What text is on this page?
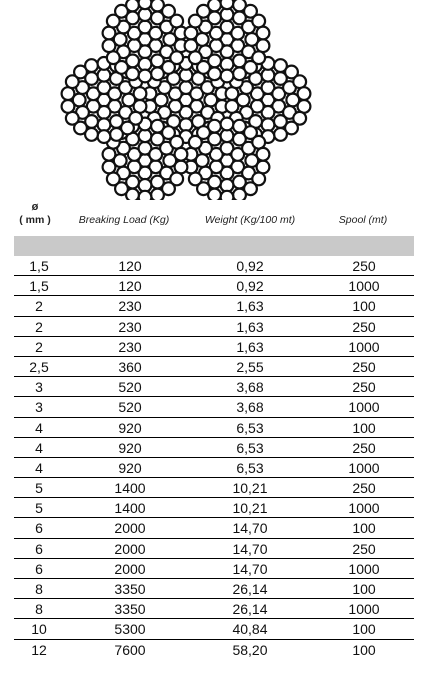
ø
( mm )	Breaking Load (Kg)	Weight (Kg/100 mt)	Spool (mt)
1,5	120	0,92	250
1,5	120	0,92	1000
2	230	1,63	100
2	230	1,63	250
2	230	1,63	1000
2,5	360	2,55	250
3	520	3,68	250
3	520	3,68	1000
4	920	6,53	100
4	920	6,53	250
4	920	6,53	1000
5	1400	10,21	250
5	1400	10,21	1000
6	2000	14,70	100
6	2000	14,70	250
6	2000	14,70	1000
8	3350	26,14	100
8	3350	26,14	1000
10	5300	40,84	100
12	7600	58,20	100
